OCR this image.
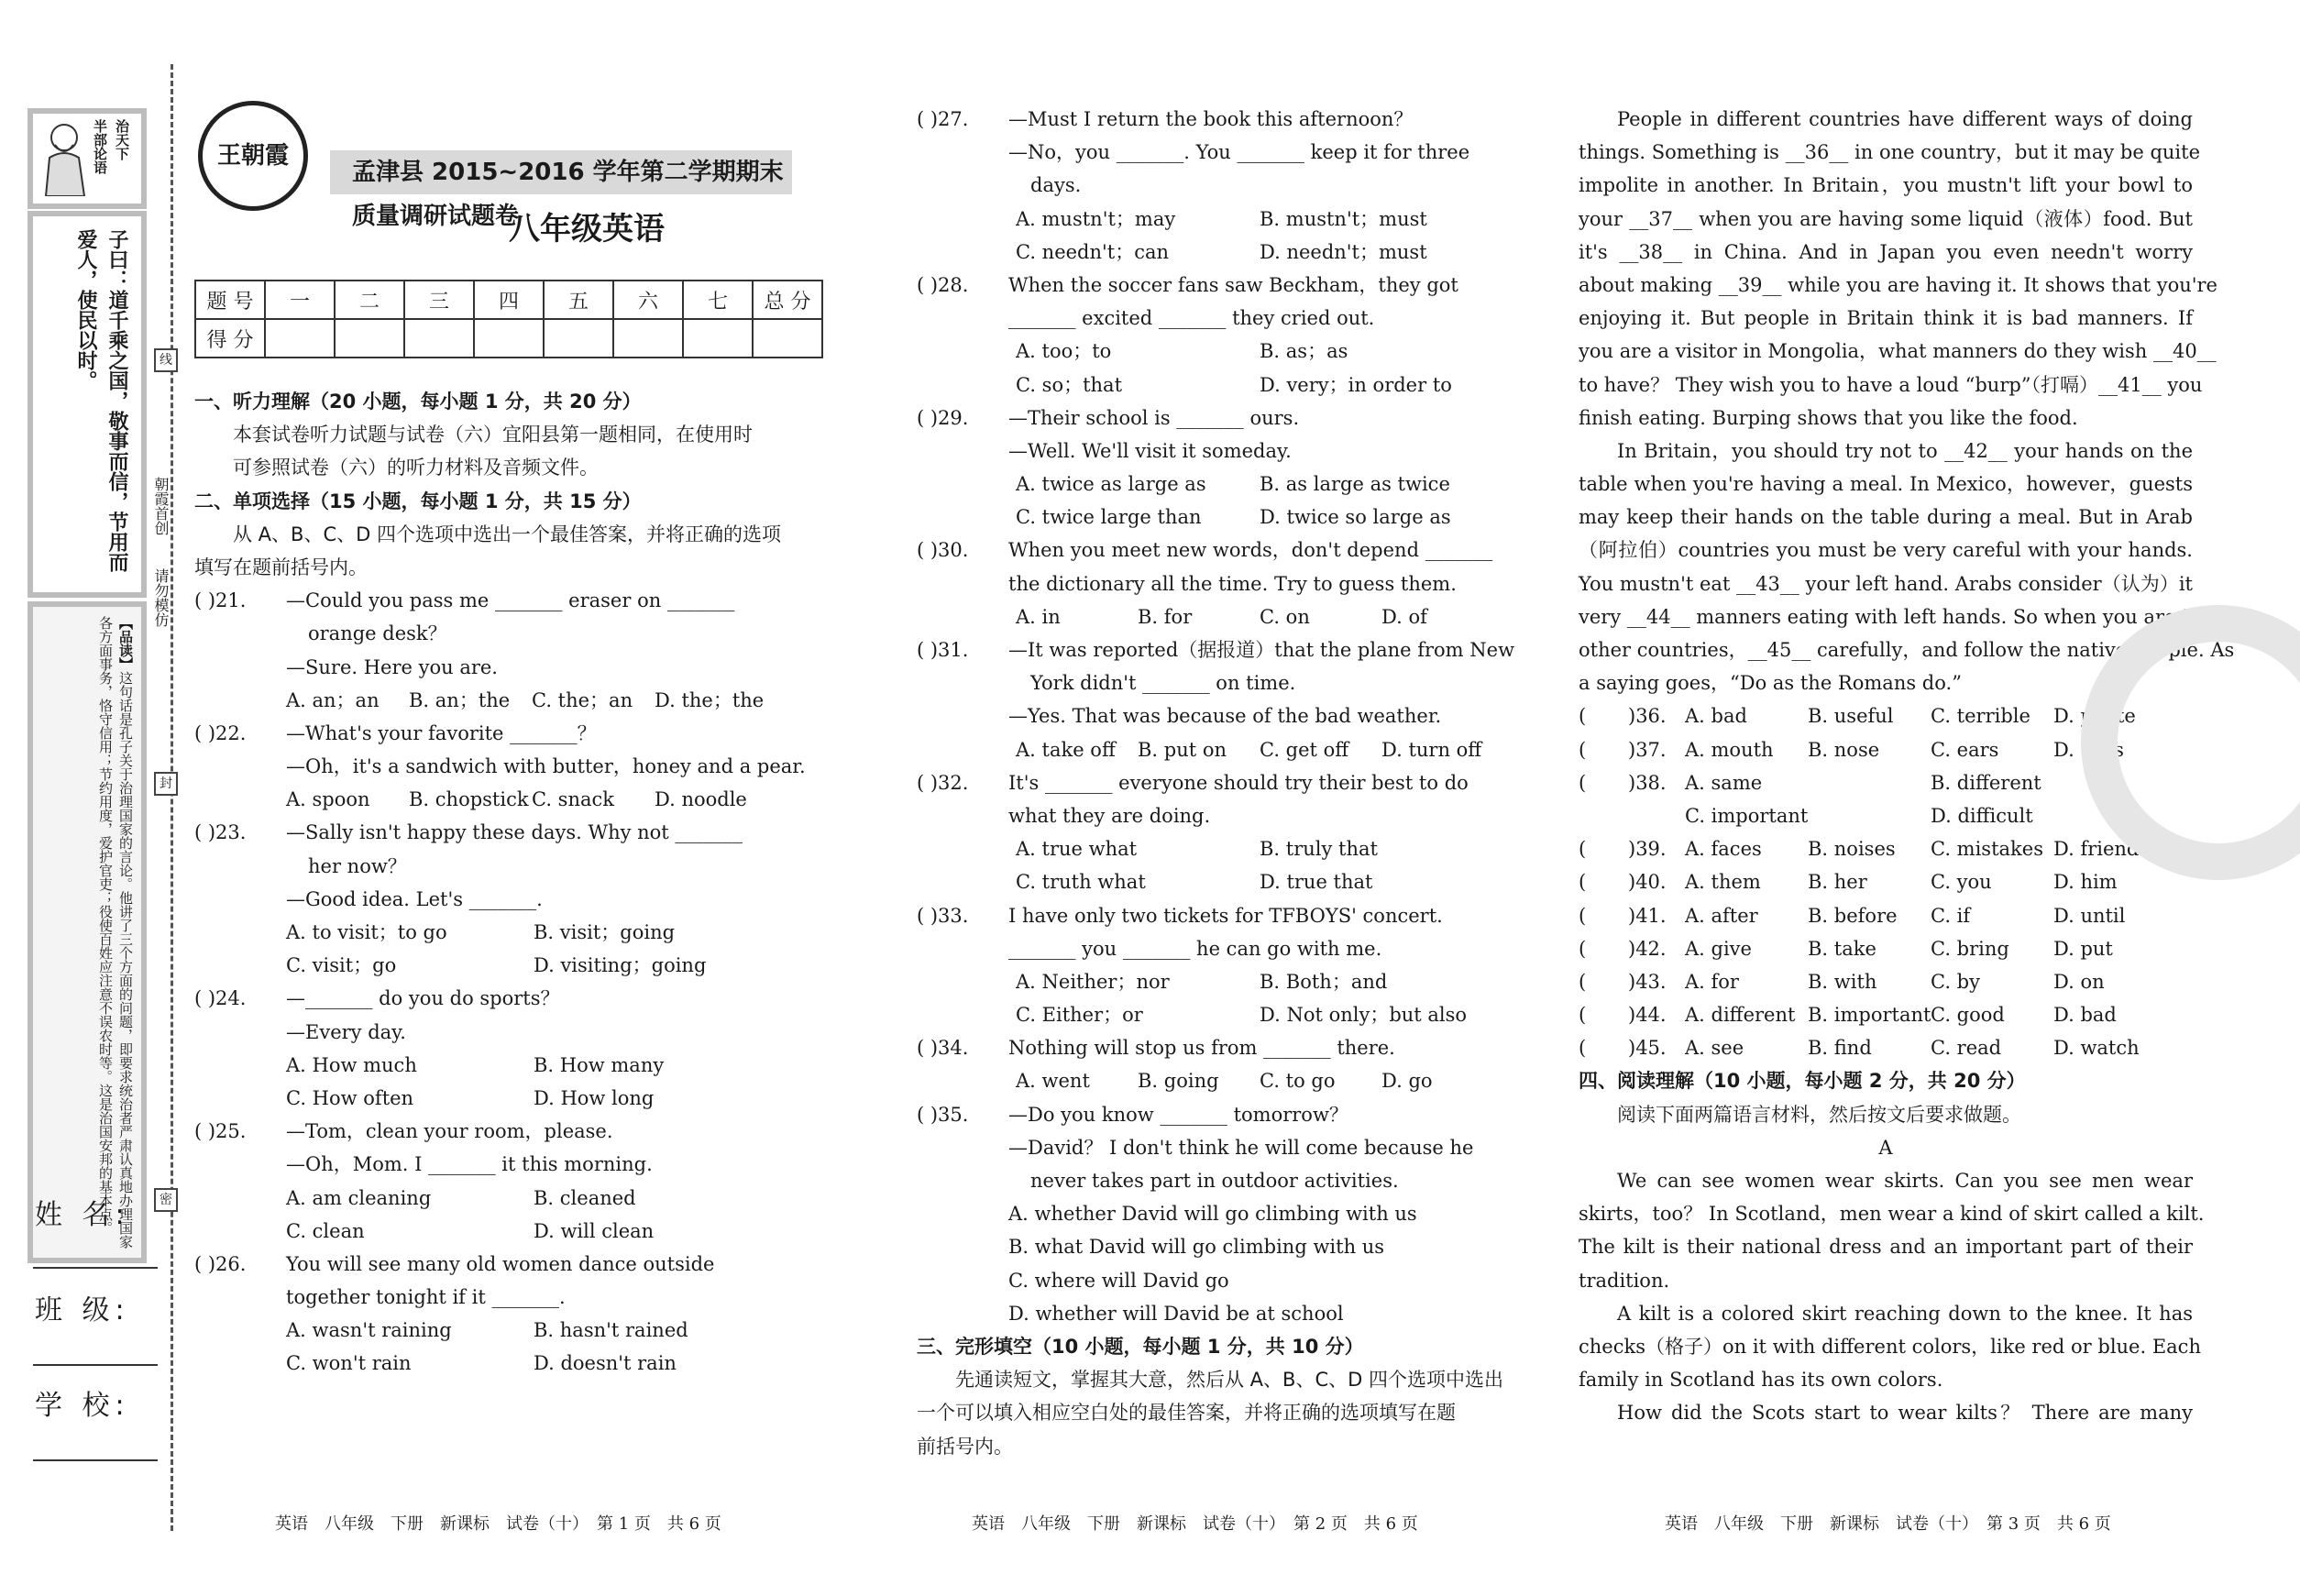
半部论语 治天下
子曰：道千乘之国，敬事而信，节用而爱人，使民以时。
【品读】这句话是孔子关于治理国家的言论。他讲了三个方面的问题，即要求统治者严肃认真地办理国家各方面事务，恪守信用；节约用度，爱护官吏；役使百姓应注意不误农时等。这是治国安邦的基本点。
线
封
密
朝霞首创
请勿模仿
姓 名:
班 级:
学 校:
王朝霞
孟津县 2015~2016 学年第二学期期末质量调研试题卷
八年级英语
题 号	一	二	三	四	五	六	七	总 分
得 分								
一、听力理解（20 小题，每小题 1 分，共 20 分）
本套试卷听力试题与试卷（六）宜阳县第一题相同，在使用时
可参照试卷（六）的听力材料及音频文件。
二、单项选择（15 小题，每小题 1 分，共 15 分）
从 A、B、C、D 四个选项中选出一个最佳答案，并将正确的选项
填写在题前括号内。
( )21.	—Could you pass me _______ eraser on _______
orange desk？
—Sure. Here you are.
A. an；an	B. an；the	C. the；an	D. the；the
( )22.	—What's your favorite _______？
—Oh，it's a sandwich with butter，honey and a pear.
A. spoon	B. chopstick C. snack	D. noodle
( )23.	—Sally isn't happy these days. Why not _______
her now？
—Good idea. Let's _______.
A. to visit；to go	B. visit；going
C. visit；go	D. visiting；going
( )24.	—_______ do you do sports？
—Every day.
A. How much	B. How many
C. How often	D. How long
( )25.	—Tom，clean your room，please.
—Oh，Mom. I _______ it this morning.
A. am cleaning	B. cleaned
C. clean	D. will clean
( )26.	You will see many old women dance outside
together tonight if it _______.
A. wasn't raining	B. hasn't rained
C. won't rain	D. doesn't rain
( )27.	—Must I return the book this afternoon？
—No，you _______. You _______ keep it for three
days.
A. mustn't；may	B. mustn't；must
C. needn't；can	D. needn't；must
( )28.	When the soccer fans saw Beckham，they got
_______ excited _______ they cried out.
A. too；to	B. as；as
C. so；that	D. very；in order to
( )29.	—Their school is _______ ours.
—Well. We'll visit it someday.
A. twice as large as	B. as large as twice
C. twice large than	D. twice so large as
( )30.	When you meet new words，don't depend _______
the dictionary all the time. Try to guess them.
A. in	B. for	C. on	D. of
( )31.	—It was reported（据报道）that the plane from New
York didn't _______ on time.
—Yes. That was because of the bad weather.
A. take off	B. put on	C. get off	D. turn off
( )32.	It's _______ everyone should try their best to do
what they are doing.
A. true what	B. truly that
C. truth what	D. true that
( )33.	I have only two tickets for TFBOYS' concert.
_______ you _______ he can go with me.
A. Neither；nor	B. Both；and
C. Either；or	D. Not only；but also
( )34.	Nothing will stop us from _______ there.
A. went	B. going	C. to go	D. go
( )35.	—Do you know _______ tomorrow？
—David？ I don't think he will come because he
never takes part in outdoor activities.
A. whether David will go climbing with us
B. what David will go climbing with us
C. where will David go
D. whether will David be at school
三、完形填空（10 小题，每小题 1 分，共 10 分）
先通读短文，掌握其大意，然后从 A、B、C、D 四个选项中选出
一个可以填入相应空白处的最佳答案，并将正确的选项填写在题
前括号内。
People in different countries have different ways of doing
things. Something is __36__ in one country，but it may be quite
impolite in another. In Britain，you mustn't lift your bowl to
your __37__ when you are having some liquid（液体）food. But
it's __38__ in China. And in Japan you even needn't worry
about making __39__ while you are having it. It shows that you're
enjoying it. But people in Britain think it is bad manners. If
you are a visitor in Mongolia，what manners do they wish __40__
to have？ They wish you to have a loud “burp”（打嗝）__41__ you
finish eating. Burping shows that you like the food.
In Britain，you should try not to __42__ your hands on the
table when you're having a meal. In Mexico，however，guests
may keep their hands on the table during a meal. But in Arab
（阿拉伯）countries you must be very careful with your hands.
You mustn't eat __43__ your left hand. Arabs consider（认为）it
very __44__ manners eating with left hands. So when you are in
other countries，__45__ carefully，and follow the native people. As
a saying goes，“Do as the Romans do.”
(	)36. A. bad	B. useful	C. terrible	D. polite
(	)37. A. mouth	B. nose	C. ears	D. eyes
(	)38. A. same	B. different
C. important	D. difficult
(	)39. A. faces	B. noises	C. mistakes D. friends
(	)40. A. them	B. her	C. you	D. him
(	)41. A. after	B. before	C. if	D. until
(	)42. A. give	B. take	C. bring	D. put
(	)43. A. for	B. with	C. by	D. on
(	)44. A. different B. important C. good	D. bad
(	)45. A. see	B. find	C. read	D. watch
四、阅读理解（10 小题，每小题 2 分，共 20 分）
阅读下面两篇语言材料，然后按文后要求做题。
A
We can see women wear skirts. Can you see men wear
skirts，too？ In Scotland，men wear a kind of skirt called a kilt.
The kilt is their national dress and an important part of their
tradition.
A kilt is a colored skirt reaching down to the knee. It has
checks（格子）on it with different colors，like red or blue. Each
family in Scotland has its own colors.
How did the Scots start to wear kilts？ There are many
英语　八年级　下册　新课标　试卷（十）　第 1 页　共 6 页	英语　八年级　下册　新课标　试卷（十）　第 2 页　共 6 页	英语　八年级　下册　新课标　试卷（十）　第 3 页　共 6 页
